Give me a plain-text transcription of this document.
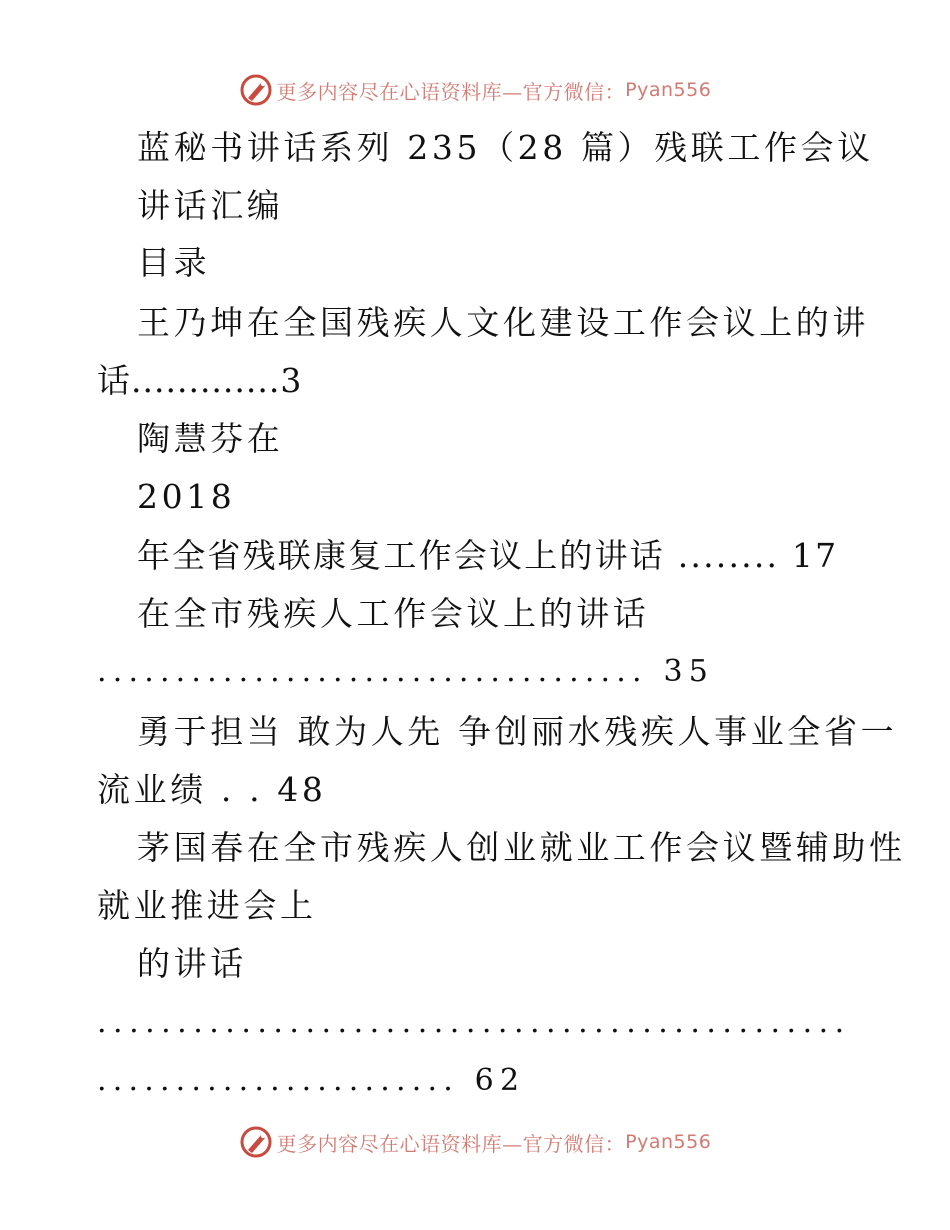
更多内容尽在心语资料库—官方微信： Pyan556
蓝秘书讲话系列 235（28 篇）残联工作会议
讲话汇编
目录
王乃坤在全国残疾人文化建设工作会议上的讲
话.............3
陶慧芬在
2018
年全省残联康复工作会议上的讲话 ........ 17
在全市残疾人工作会议上的讲话
................................... 35
勇于担当 敢为人先 争创丽水残疾人事业全省一
流业绩 . . 48
茅国春在全市残疾人创业就业工作会议暨辅助性
就业推进会上
的讲话
...............................................
....................... 62
更多内容尽在心语资料库—官方微信： Pyan556
